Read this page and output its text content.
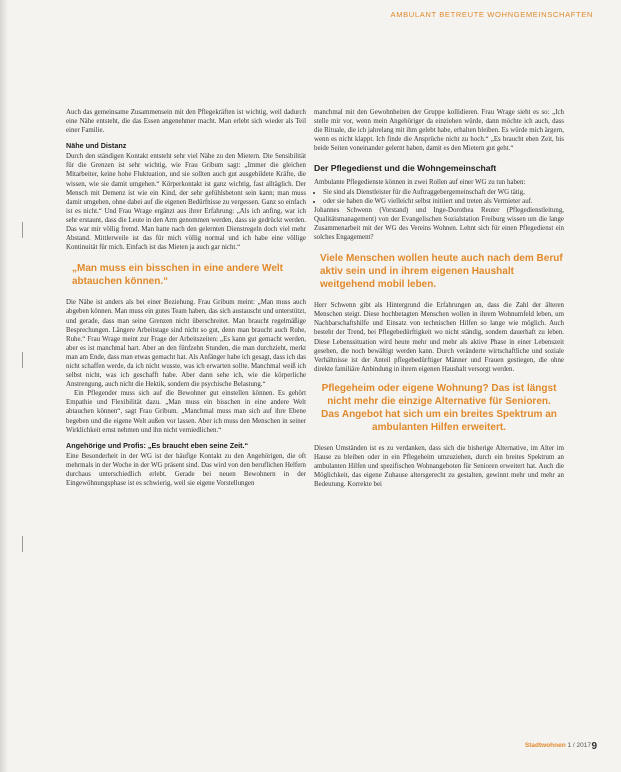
AMBULANT BETREUTE WOHNGEMEINSCHAFTEN

Auch das gemeinsame Zusammensein mit den Pflegekräften ist wichtig, weil dadurch eine Nähe entsteht, die das Essen angenehmer macht. Man erlebt sich wieder als Teil einer Familie.

Nähe und Distanz

Durch den ständigen Kontakt entsteht sehr viel Nähe zu den Mietern. Die Sensibilität für die Grenzen ist sehr wichtig, wie Frau Gribum sagt: „Immer die gleichen Mitarbeiter, keine hohe Fluktuation, und sie sollten auch gut ausgebildete Kräfte, die wissen, wie sie damit umgehen.“ Körperkontakt ist ganz wichtig, fast alltäglich. Der Mensch mit Demenz ist wie ein Kind, der sehr gefühlsbetont sein kann; man muss damit umgehen, ohne dabei auf die eigenen Bedürfnisse zu vergessen. Ganz so einfach ist es nicht.“ Und Frau Wrage ergänzt aus ihrer Erfahrung: „Als ich anfing, war ich sehr erstaunt, dass die Leute in den Arm genommen werden, dass sie gedrückt werden. Das war mir völlig fremd. Man hatte nach den gelernten Dienstregeln doch viel mehr Abstand. Mittlerweile ist das für mich völlig normal und ich habe eine völlige Kontinuität für mich. Einfach ist das Mieten ja auch gar nicht.“

„Man muss ein bisschen in eine andere Welt abtauchen können.“

Die Nähe ist anders als bei einer Beziehung. Frau Gribum meint: „Man muss auch abgeben können. Man muss ein gutes Team haben, das sich austauscht und unterstützt, und gerade, dass man seine Grenzen nicht überschreitet. Man braucht regelmäßige Besprechungen. Längere Arbeitstage sind nicht so gut, denn man braucht auch Ruhe, Ruhe.“ Frau Wrage meint zur Frage der Arbeitszeiten: „Es kann gut gemacht werden, aber es ist manchmal hart. Aber an den fünfzehn Stunden, die man durchzieht, merkt man am Ende, dass man etwas gemacht hat. Als Anfänger habe ich gesagt, dass ich das nicht schaffen werde, da ich nicht wusste, was ich erwarten sollte. Manchmal weiß ich selbst nicht, was ich geschafft habe. Aber dann sehe ich, wie die körperliche Anstrengung, auch nicht die Hektik, sondern die psychische Belastung.“

Ein Pflegender muss sich auf die Bewohner gut einstellen können. Es gehört Empathie und Flexibilität dazu. „Man muss ein bisschen in eine andere Welt abtauchen können“, sagt Frau Gribum. „Manchmal muss man sich auf ihre Ebene begeben und die eigene Welt außen vor lassen. Aber ich muss den Menschen in seiner Wirklichkeit ernst nehmen und ihn nicht verniedlichen.“

Angehörige und Profis: „Es braucht eben seine Zeit.“

Eine Besonderheit in der WG ist der häufige Kontakt zu den Angehörigen, die oft mehrmals in der Woche in der WG präsent sind. Das wird von den beruflichen Helfern durchaus unterschiedlich erlebt. Gerade bei neuen Bewohnern in der Eingewöhnungsphase ist es schwierig, weil sie eigene Vorstellungen

manchmal mit den Gewohnheiten der Gruppe kollidieren. Frau Wrage sieht es so: „Ich stelle mir vor, wenn mein Angehöriger da einziehen würde, dann möchte ich auch, dass die Rituale, die ich jahrelang mit ihm gelebt habe, erhalten bleiben. Es würde mich ärgern, wenn es nicht klappt. Ich finde die Ansprüche nicht zu hoch.“ „Es braucht eben Zeit, bis beide Seiten voneinander gelernt haben, damit es den Mietern gut geht.“

Der Pflegedienst und die Wohngemeinschaft

Ambulante Pflegedienste können in zwei Rollen auf einer WG zu tun haben:

• Sie sind als Dienstleister für die Auftraggebergemeinschaft der WG tätig,
• oder sie haben die WG vielleicht selbst initiiert und treten als Vermieter auf.

Johannes Schwenn (Vorstand) und Inge-Dorothea Reuter (Pflegedienstleitung, Qualitätsmanagement) von der Evangelischen Sozialstation Freiburg wissen um die lange Zusammenarbeit mit der WG des Vereins Wohnen. Lehnt sich für einen Pflegedienst ein solches Engagement?

Viele Menschen wollen heute auch nach dem Beruf aktiv sein und in ihrem eigenen Haushalt weitgehend mobil leben.

Herr Schwenn gibt als Hintergrund die Erfahrungen an, dass die Zahl der älteren Menschen steigt. Diese hochbetagten Menschen wollen in ihrem Wohnumfeld leben, um Nachbarschaftshilfe und Einsatz von technischen Hilfen so lange wie möglich. Auch besteht der Trend, bei Pflegebedürftigkeit wo nicht ständig, sondern dauerhaft zu leben. Diese Lebenssituation wird heute mehr und mehr als aktive Phase in einer Lebenszeit gesehen, die noch bewältigt werden kann. Durch veränderte wirtschaftliche und soziale Verhältnisse ist der Anteil pflegebedürftiger Männer und Frauen gestiegen, die ohne direkte familiäre Anbindung in ihrem eigenen Haushalt versorgt werden.

Pflegeheim oder eigene Wohnung? Das ist längst nicht mehr die einzige Alternative für Senioren. Das Angebot hat sich um ein breites Spektrum an ambulanten Hilfen erweitert.

Diesen Umständen ist es zu verdanken, dass sich die bisherige Alternative, im Alter im Hause zu bleiben oder in ein Pflegeheim umzuziehen, durch ein breites Spektrum an ambulanten Hilfen und spezifischen Wohnangeboten für Senioren erweitert hat. Auch die Möglichkeit, das eigene Zuhause altersgerecht zu gestalten, gewinnt mehr und mehr an Bedeutung. Korrekte bei

Stadtwohnen 1 / 2017 9
